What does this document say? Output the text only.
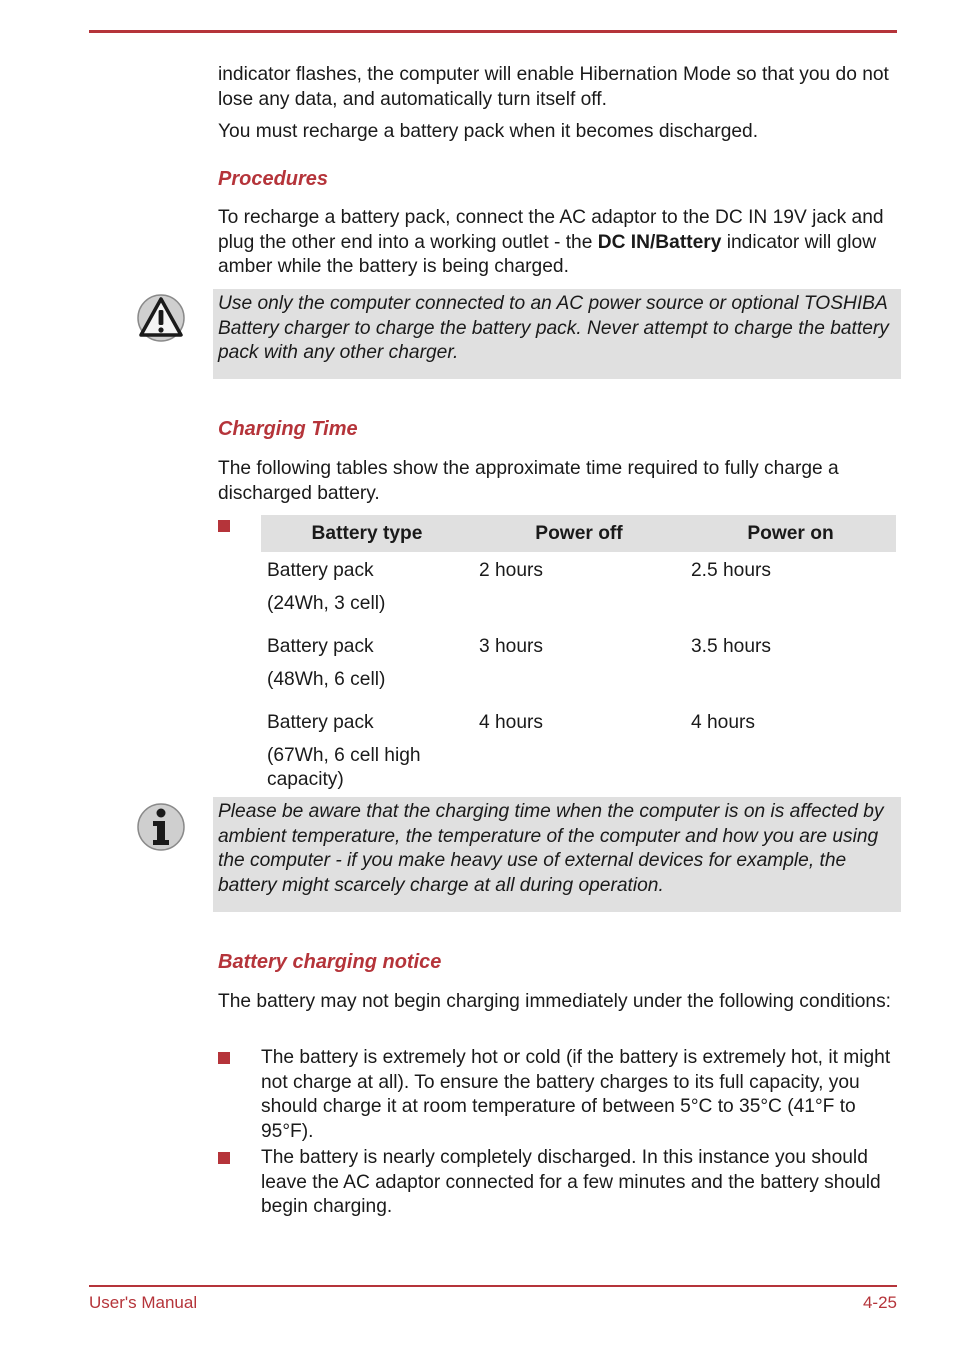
indicator flashes, the computer will enable Hibernation Mode so that you do not lose any data, and automatically turn itself off.

You must recharge a battery pack when it becomes discharged.

Procedures

To recharge a battery pack, connect the AC adaptor to the DC IN 19V jack and plug the other end into a working outlet - the DC IN/Battery indicator will glow amber while the battery is being charged.

Use only the computer connected to an AC power source or optional TOSHIBA Battery charger to charge the battery pack. Never attempt to charge the battery pack with any other charger.

Charging Time

The following tables show the approximate time required to fully charge a discharged battery.

Battery type	Power off	Power on

Battery pack
(24Wh, 3 cell)	2 hours	2.5 hours

Battery pack
(48Wh, 6 cell)	3 hours	3.5 hours

Battery pack
(67Wh, 6 cell high capacity)	4 hours	4 hours

Please be aware that the charging time when the computer is on is affected by ambient temperature, the temperature of the computer and how you are using the computer - if you make heavy use of external devices for example, the battery might scarcely charge at all during operation.

Battery charging notice

The battery may not begin charging immediately under the following conditions:

The battery is extremely hot or cold (if the battery is extremely hot, it might not charge at all). To ensure the battery charges to its full capacity, you should charge it at room temperature of between 5°C to 35°C (41°F to 95°F).

The battery is nearly completely discharged. In this instance you should leave the AC adaptor connected for a few minutes and the battery should begin charging.

User's Manual	4-25
